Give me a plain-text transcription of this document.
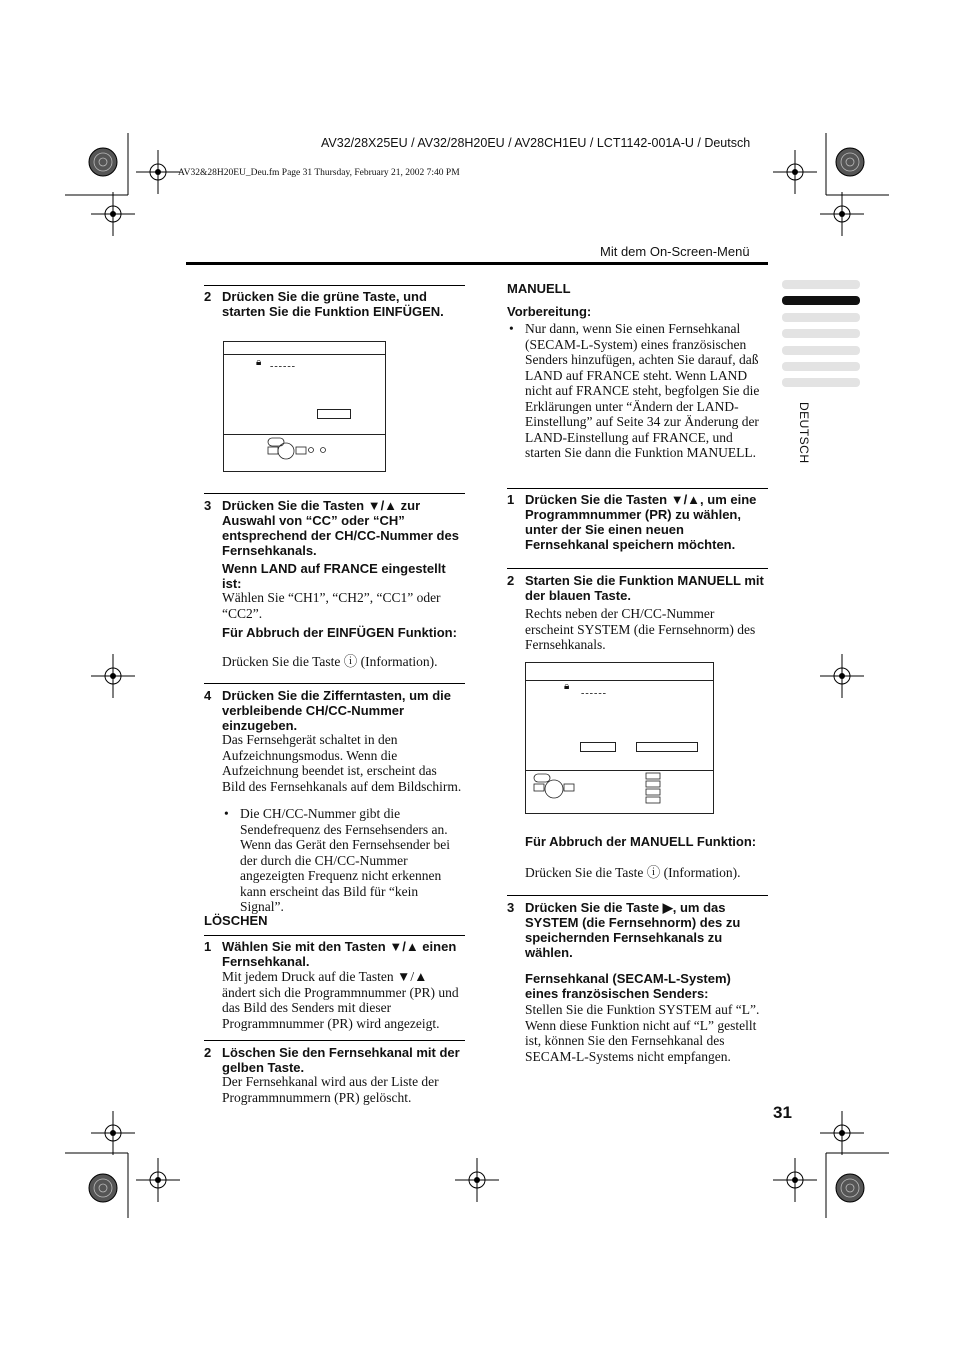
AV32/28X25EU / AV32/28H20EU / AV28CH1EU / LCT1142-001A-U / Deutsch
AV32&28H20EU_Deu.fm Page 31 Thursday, February 21, 2002 7:40 PM
Mit dem On-Screen-Menü
DEUTSCH
2 Drücken Sie die grüne Taste, und starten Sie die Funktion EINFÜGEN.
🔒︎ ------
3 Drücken Sie die Tasten ▼/▲ zur Auswahl von “CC” oder “CH” entsprechend der CH/CC-Nummer des Fernsehkanals.
Wenn LAND auf FRANCE eingestellt ist:
Wählen Sie “CH1”, “CH2”, “CC1” oder “CC2”.
Für Abbruch der EINFÜGEN Funktion:
Drücken Sie die Taste ⓘ (Information).
4 Drücken Sie die Zifferntasten, um die verbleibende CH/CC-Nummer einzugeben.
Das Fernsehgerät schaltet in den Aufzeichnungsmodus. Wenn die Aufzeichnung beendet ist, erscheint das Bild des Fernsehkanals auf dem Bildschirm.
• Die CH/CC-Nummer gibt die Sendefrequenz des Fernsehsenders an. Wenn das Gerät den Fernsehsender bei der durch die CH/CC-Nummer angezeigten Frequenz nicht erkennen kann erscheint das Bild für “kein Signal”.
LÖSCHEN
1 Wählen Sie mit den Tasten ▼/▲ einen Fernsehkanal.
Mit jedem Druck auf die Tasten ▼/▲ ändert sich die Programmnummer (PR) und das Bild des Senders mit dieser Programmnummer (PR) wird angezeigt.
2 Löschen Sie den Fernsehkanal mit der gelben Taste.
Der Fernsehkanal wird aus der Liste der Programmnummern (PR) gelöscht.
MANUELL
Vorbereitung:
• Nur dann, wenn Sie einen Fernsehkanal (SECAM-L-System) eines französischen Senders hinzufügen, achten Sie darauf, daß LAND auf FRANCE steht. Wenn LAND nicht auf FRANCE steht, begfolgen Sie die Erklärungen unter “Ändern der LAND-Einstellung” auf Seite 34 zur Änderung der LAND-Einstellung auf FRANCE, und starten Sie dann die Funktion MANUELL.
1 Drücken Sie die Tasten ▼/▲, um eine Programmnummer (PR) zu wählen, unter der Sie einen neuen Fernsehkanal speichern möchten.
2 Starten Sie die Funktion MANUELL mit der blauen Taste.
Rechts neben der CH/CC-Nummer erscheint SYSTEM (die Fernsehnorm) des Fernsehkanals.
🔒︎
------
Für Abbruch der MANUELL Funktion:
Drücken Sie die Taste ⓘ (Information).
3 Drücken Sie die Taste ▶, um das SYSTEM (die Fernsehnorm) des zu speichernden Fernsehkanals zu wählen.
Fernsehkanal (SECAM-L-System) eines französischen Senders:
Stellen Sie die Funktion SYSTEM auf “L”. Wenn diese Funktion nicht auf “L” gestellt ist, können Sie den Fernsehkanal des SECAM-L-Systems nicht empfangen.
31
